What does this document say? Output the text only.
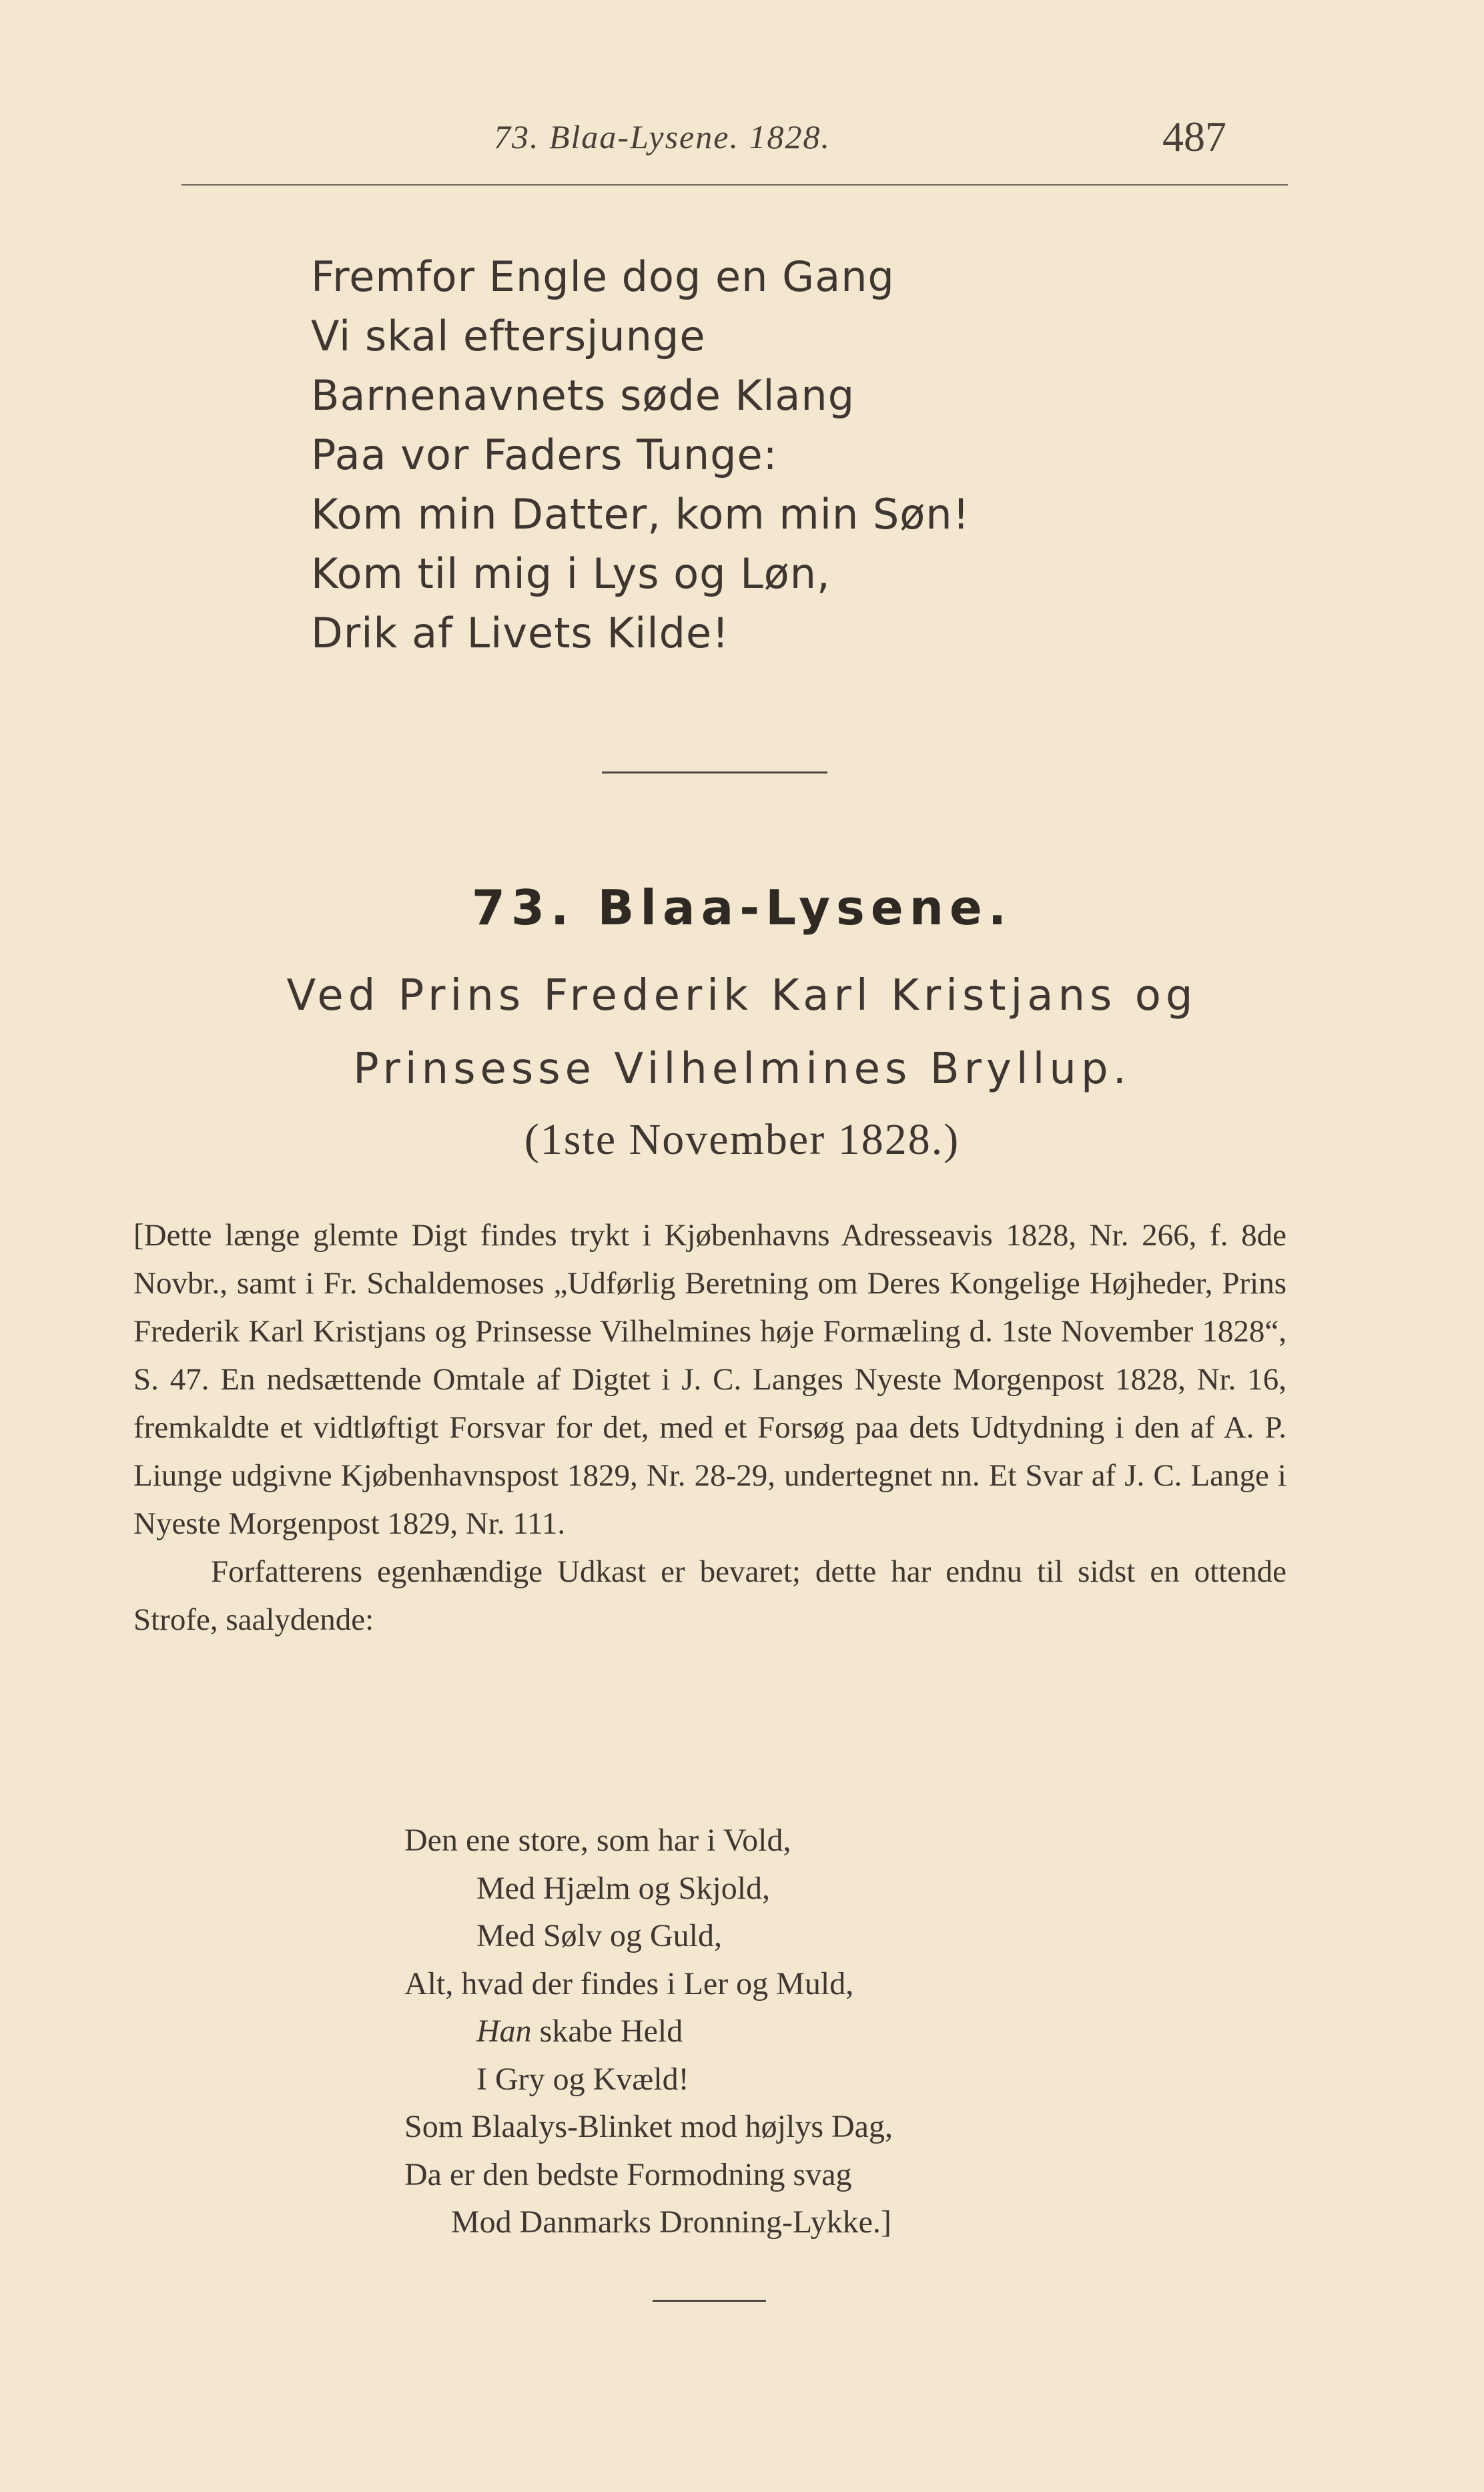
73. Blaa-Lysene. 1828.	487
Fremfor Engle dog en Gang
Vi skal eftersjunge
Barnenavnets søde Klang
Paa vor Faders Tunge:
Kom min Datter, kom min Søn!
Kom til mig i Lys og Løn,
Drik af Livets Kilde!
73. Blaa-Lysene.
Ved Prins Frederik Karl Kristjans og
Prinsesse Vilhelmines Bryllup.
(1ste November 1828.)

[Dette længe glemte Digt findes trykt i Kjøbenhavns Adresseavis 1828, Nr. 266, f. 8de Novbr., samt i Fr. Schaldemoses „Udførlig Beretning om Deres Kongelige Højheder, Prins Frederik Karl Kristjans og Prinsesse Vilhelmines høje Formæling d. 1ste November 1828“, S. 47. En nedsættende Omtale af Digtet i J. C. Langes Nyeste Morgenpost 1828, Nr. 16, fremkaldte et vidtløftigt Forsvar for det, med et Forsøg paa dets Udtydning i den af A. P. Liunge udgivne Kjøbenhavnspost 1829, Nr. 28-29, undertegnet nn. Et Svar af J. C. Lange i Nyeste Morgenpost 1829, Nr. 111.

Forfatterens egenhændige Udkast er bevaret; dette har endnu til sidst en ottende Strofe, saalydende:

Den ene store, som har i Vold,
Med Hjælm og Skjold,
Med Sølv og Guld,
Alt, hvad der findes i Ler og Muld,
Han skabe Held
I Gry og Kvæld!
Som Blaalys-Blinket mod højlys Dag,
Da er den bedste Formodning svag
Mod Danmarks Dronning-Lykke.]
